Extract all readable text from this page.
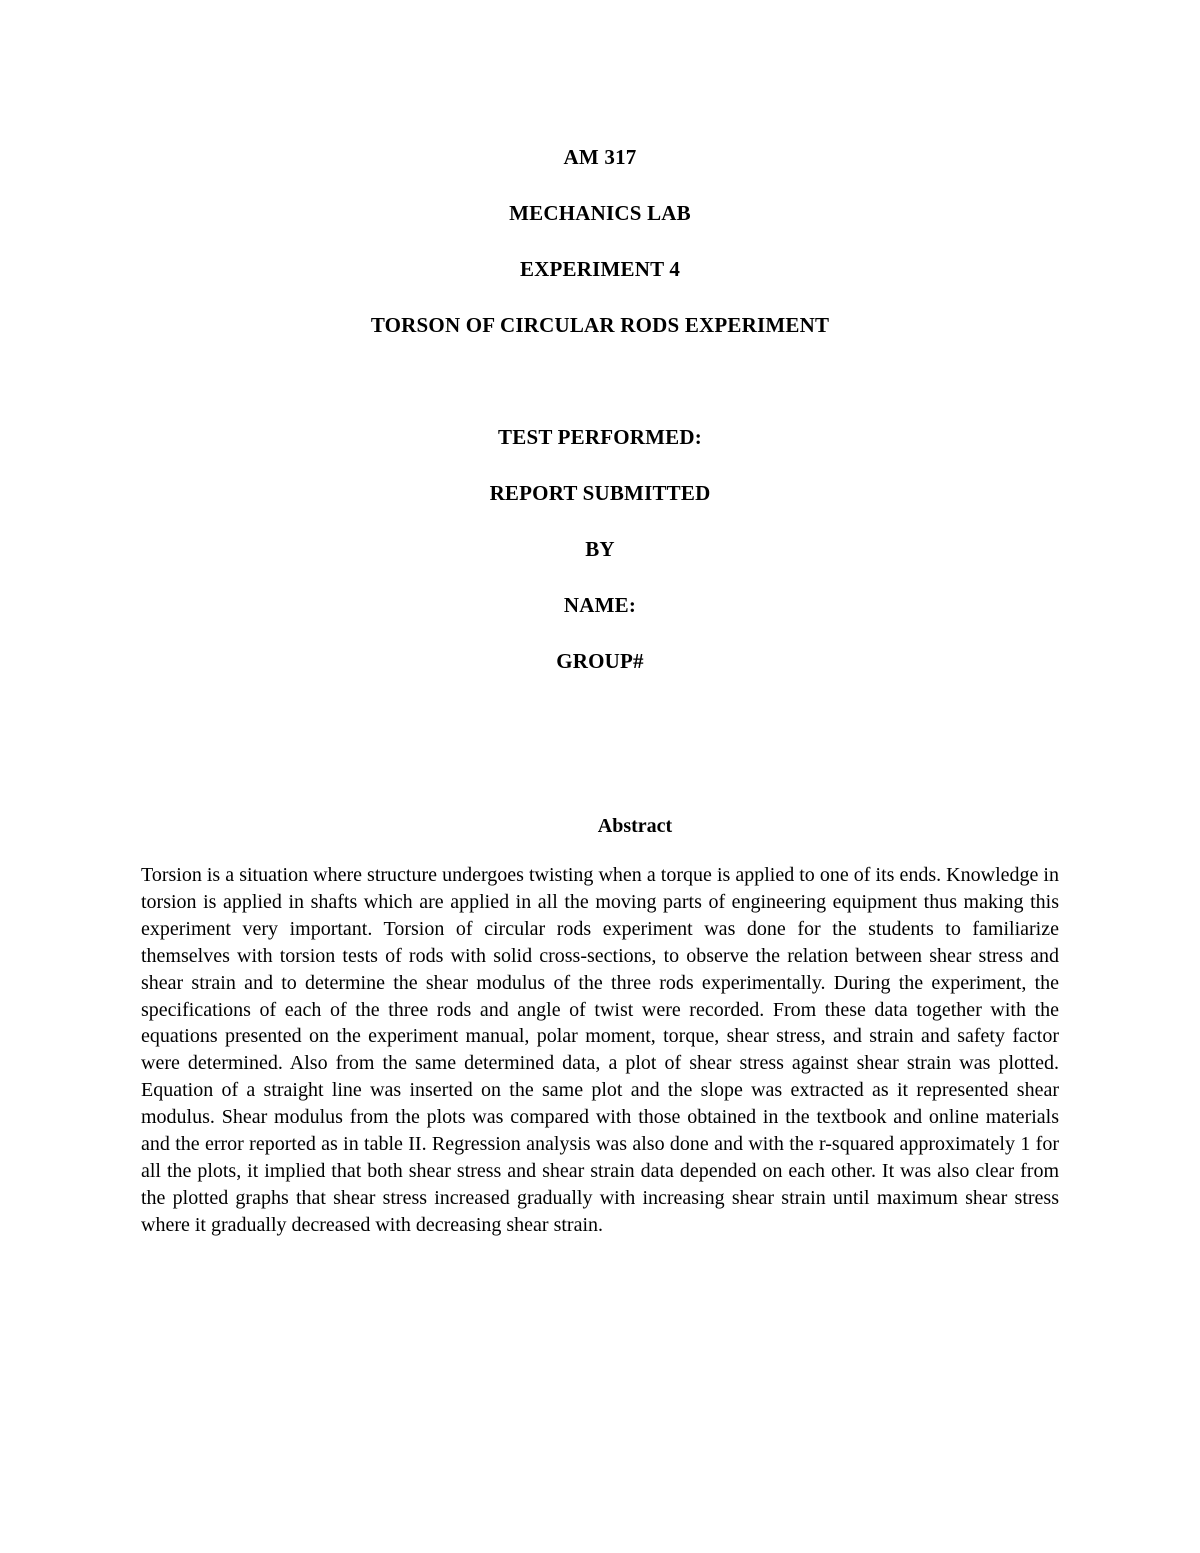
AM 317
MECHANICS LAB
EXPERIMENT 4
TORSON OF CIRCULAR RODS EXPERIMENT
TEST PERFORMED:
REPORT SUBMITTED
BY
NAME:
GROUP#
Abstract
Torsion is a situation where structure undergoes twisting when a torque is applied to one of its ends. Knowledge in torsion is applied in shafts which are applied in all the moving parts of engineering equipment thus making this experiment very important. Torsion of circular rods experiment was done for the students to familiarize themselves with torsion tests of rods with solid cross-sections, to observe the relation between shear stress and shear strain and to determine the shear modulus of the three rods experimentally. During the experiment, the specifications of each of the three rods and angle of twist were recorded. From these data together with the equations presented on the experiment manual, polar moment, torque, shear stress, and strain and safety factor were determined. Also from the same determined data, a plot of shear stress against shear strain was plotted. Equation of a straight line was inserted on the same plot and the slope was extracted as it represented shear modulus. Shear modulus from the plots was compared with those obtained in the textbook and online materials and the error reported as in table II. Regression analysis was also done and with the r-squared approximately 1 for all the plots, it implied that both shear stress and shear strain data depended on each other. It was also clear from the plotted graphs that shear stress increased gradually with increasing shear strain until maximum shear stress where it gradually decreased with decreasing shear strain.
